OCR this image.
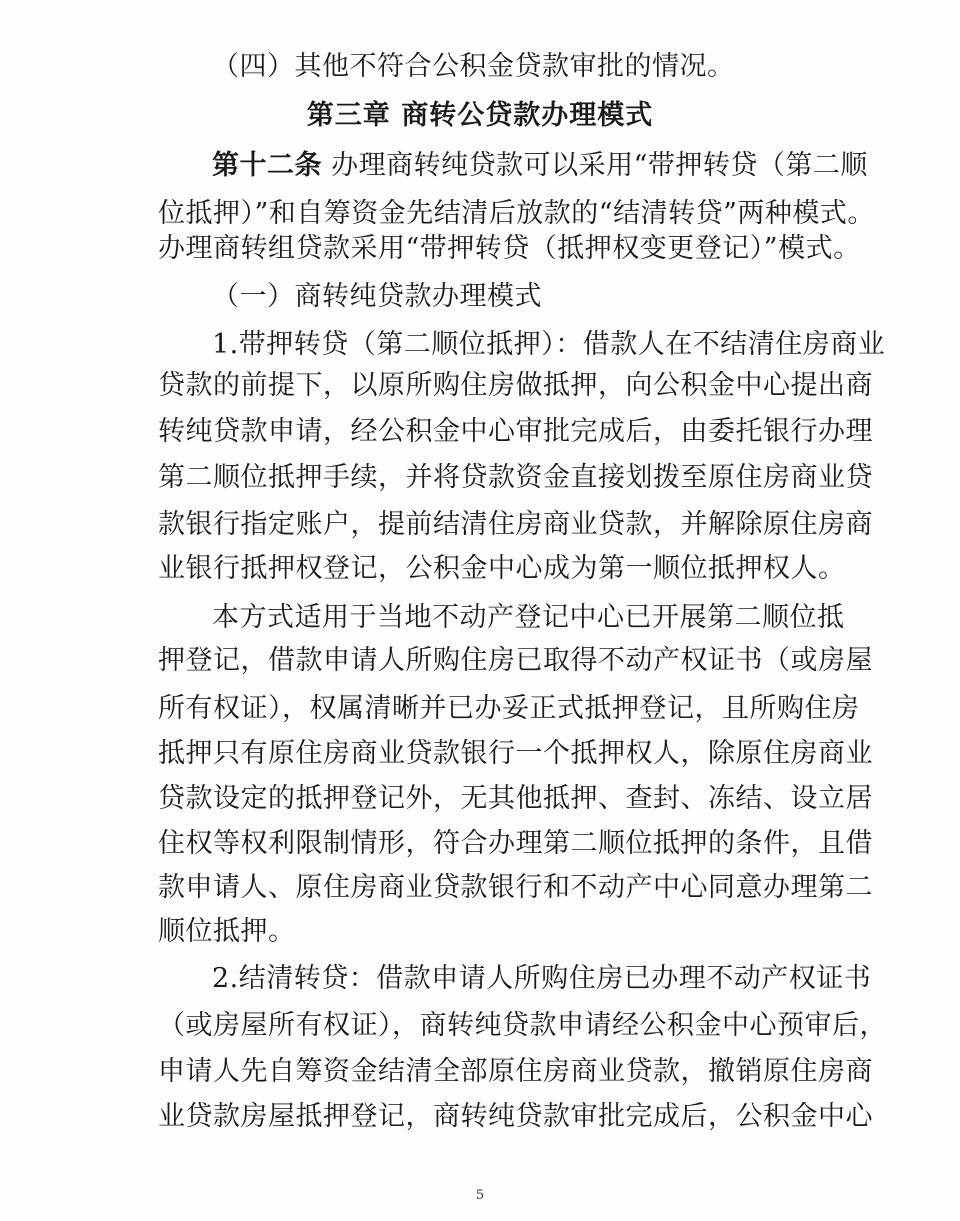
（四）其他不符合公积金贷款审批的情况。
第三章 商转公贷款办理模式
第十二条 办理商转纯贷款可以采用“带押转贷（第二顺
位抵押）”和自筹资金先结清后放款的“结清转贷”两种模式。
办理商转组贷款采用“带押转贷（抵押权变更登记）”模式。
（一）商转纯贷款办理模式
1.带押转贷（第二顺位抵押）：借款人在不结清住房商业
贷款的前提下，以原所购住房做抵押，向公积金中心提出商
转纯贷款申请，经公积金中心审批完成后，由委托银行办理
第二顺位抵押手续，并将贷款资金直接划拨至原住房商业贷
款银行指定账户，提前结清住房商业贷款，并解除原住房商
业银行抵押权登记，公积金中心成为第一顺位抵押权人。
本方式适用于当地不动产登记中心已开展第二顺位抵
押登记，借款申请人所购住房已取得不动产权证书（或房屋
所有权证），权属清晰并已办妥正式抵押登记，且所购住房
抵押只有原住房商业贷款银行一个抵押权人，除原住房商业
贷款设定的抵押登记外，无其他抵押、查封、冻结、设立居
住权等权利限制情形，符合办理第二顺位抵押的条件，且借
款申请人、原住房商业贷款银行和不动产中心同意办理第二
顺位抵押。
2.结清转贷：借款申请人所购住房已办理不动产权证书
（或房屋所有权证），商转纯贷款申请经公积金中心预审后，
申请人先自筹资金结清全部原住房商业贷款，撤销原住房商
业贷款房屋抵押登记，商转纯贷款审批完成后，公积金中心
5
